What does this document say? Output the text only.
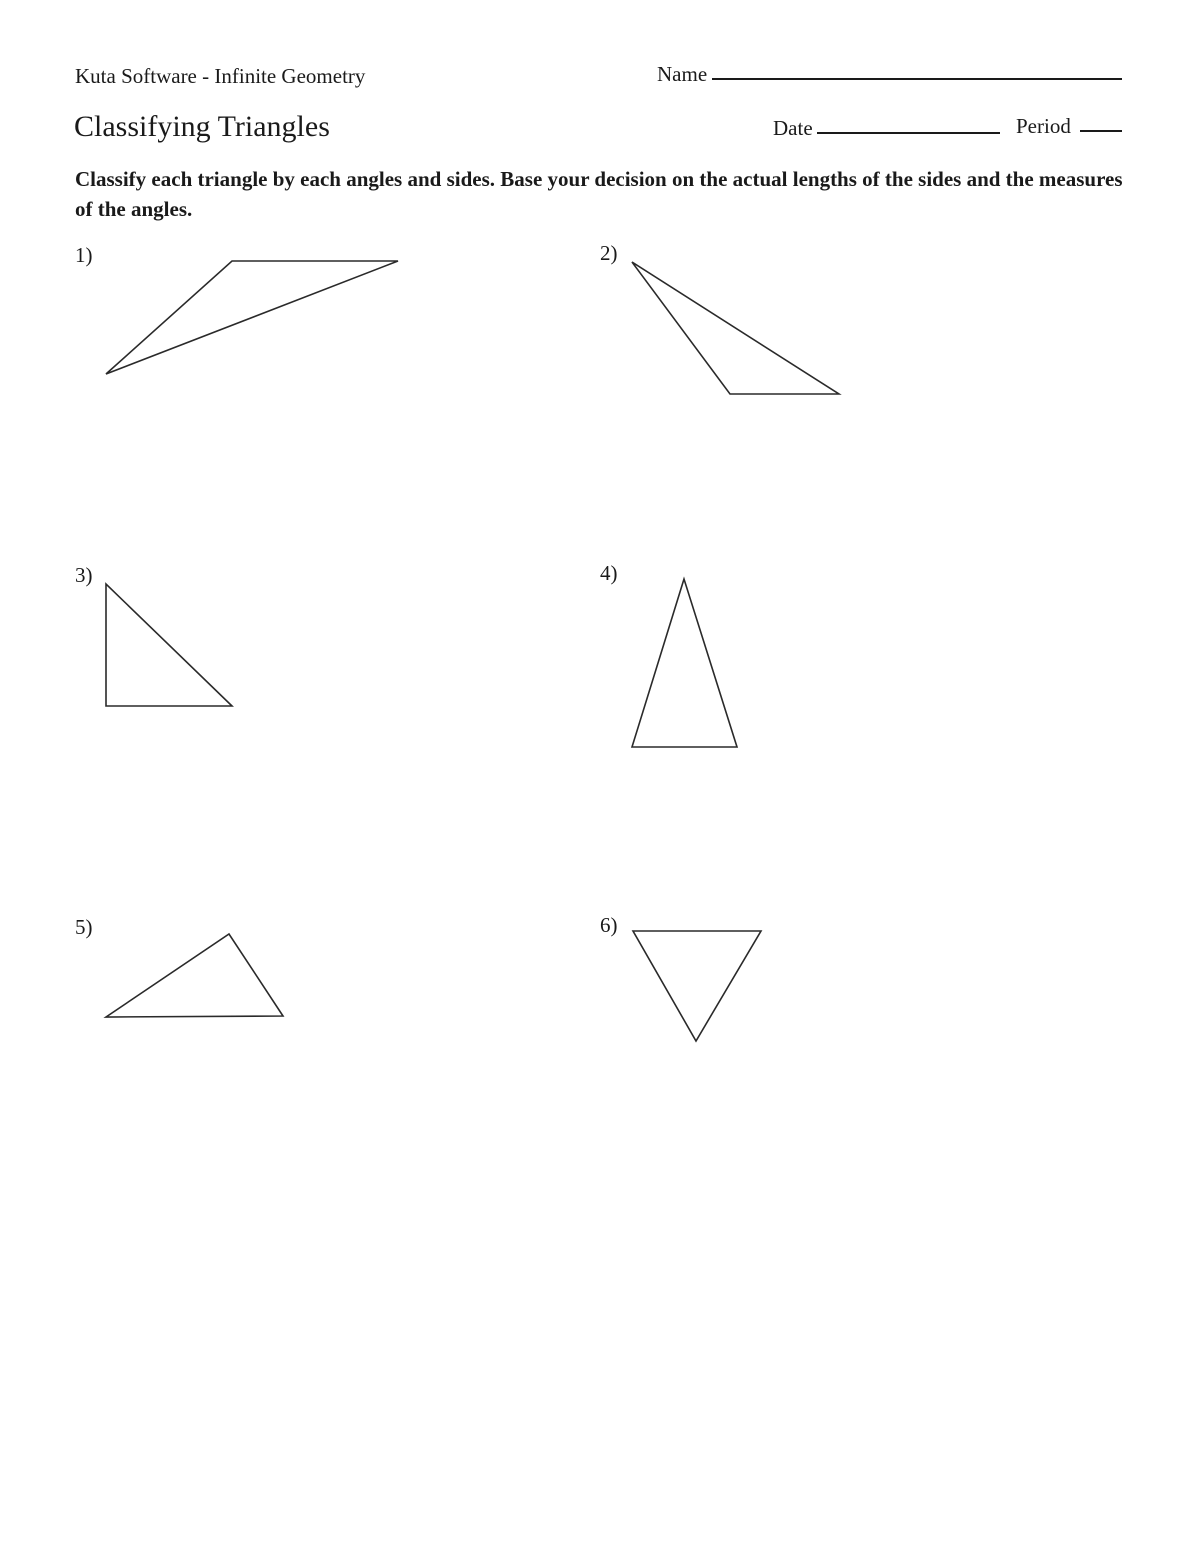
Kuta Software - Infinite Geometry
Classifying Triangles
Name
Date	Period
Classify each triangle by each angles and sides. Base your decision on the actual lengths of the sides and the measures of the angles.
1)	2)
3)	4)
5)	6)
